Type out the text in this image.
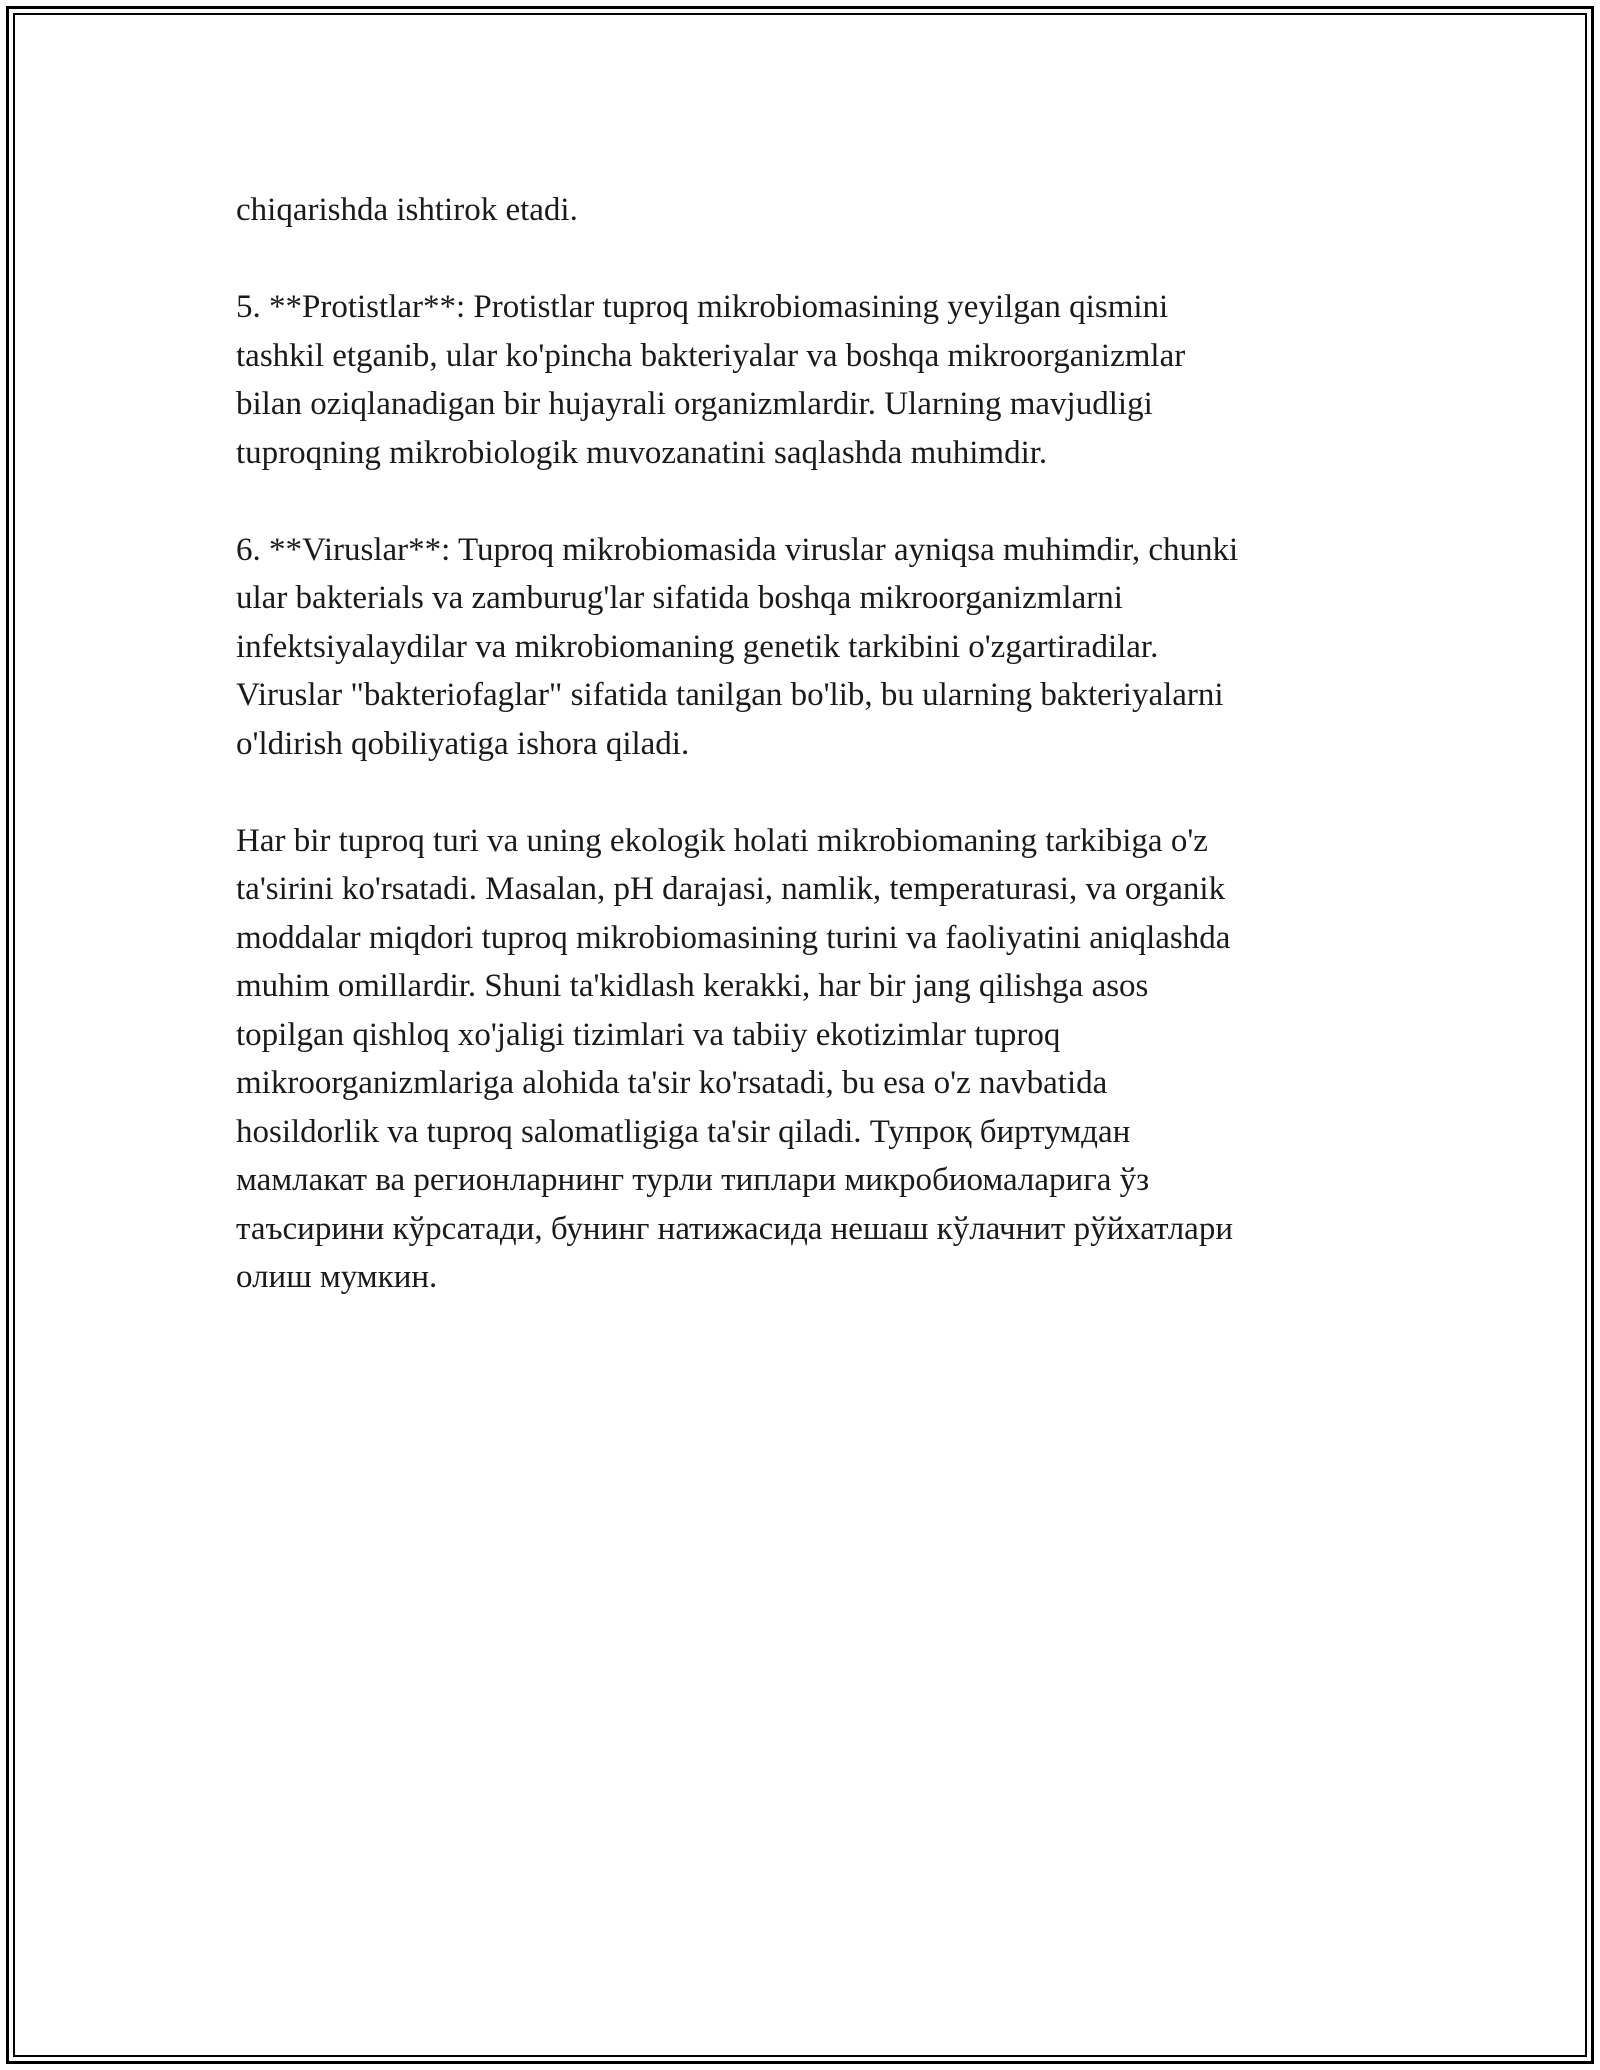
chiqarishda ishtirok etadi.

5. **Protistlar**: Protistlar tuproq mikrobiomasining yeyilgan qismini
tashkil etganib, ular ko'pincha bakteriyalar va boshqa mikroorganizmlar
bilan oziqlanadigan bir hujayrali organizmlardir. Ularning mavjudligi
tuproqning mikrobiologik muvozanatini saqlashda muhimdir.

6. **Viruslar**: Tuproq mikrobiomasida viruslar ayniqsa muhimdir, chunki
ular bakterials va zamburug'lar sifatida boshqa mikroorganizmlarni
infektsiyalaydilar va mikrobiomaning genetik tarkibini o'zgartiradilar.
Viruslar "bakteriofaglar" sifatida tanilgan bo'lib, bu ularning bakteriyalarni
o'ldirish qobiliyatiga ishora qiladi.

Har bir tuproq turi va uning ekologik holati mikrobiomaning tarkibiga o'z
ta'sirini ko'rsatadi. Masalan, pH darajasi, namlik, temperaturasi, va organik
moddalar miqdori tuproq mikrobiomasining turini va faoliyatini aniqlashda
muhim omillardir. Shuni ta'kidlash kerakki, har bir jang qilishga asos
topilgan qishloq xo'jaligi tizimlari va tabiiy ekotizimlar tuproq
mikroorganizmlariga alohida ta'sir ko'rsatadi, bu esa o'z navbatida
hosildorlik va tuproq salomatligiga ta'sir qiladi. Тупроқ биртумдан
мамлакат ва регионларнинг турли типлари микробиомаларига ўз
таъсирини кўрсатади, бунинг натижасида нешаш кўлачнит рўйхатлари
олиш мумкин.
